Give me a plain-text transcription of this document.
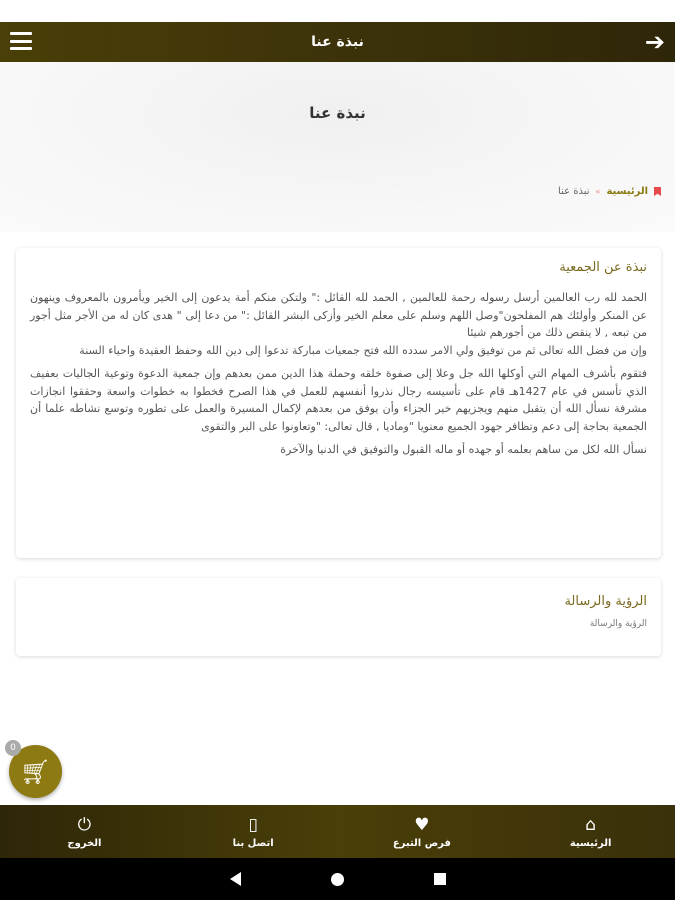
نبذة عنا	➔
نبذة عنا
الرئيسية
»
نبذة عنا
نبذة عن الجمعية

الحمد لله رب العالمين أرسل رسوله رحمة للعالمين , الحمد لله القائل :" ولتكن منكم أمة يدعون إلى الخير ويأمرون بالمعروف وينهون عن المنكر وأولئك هم المفلحون"وصل اللهم وسلم على معلم الخير وأزكى البشر القائل :" من دعا إلى " هدى كان له من الأجر مثل أجور من تبعه , لا ينقص ذلك من أجورهم شيئا

وإن من فضل الله تعالى ثم من توفيق ولي الامر سدده الله فتح جمعيات مباركة تدعوا إلى دين الله وحفظ العقيدة واحياء السنة

فتقوم بأشرف المهام التي أوكلها الله جل وعلا إلى صفوة خلقه وحملة هذا الدين ممن بعدهم وإن جمعية الدعوة وتوعية الجاليات بعفيف الذي تأسس في عام 1427هـ قام على تأسيسه رجال نذروا أنفسهم للعمل في هذا الصرح فخطوا به خطوات واسعة وحققوا انجازات مشرفة نسأل الله أن يتقبل منهم ويجزيهم خير الجزاء وأن يوفق من بعدهم لإكمال المسيرة والعمل على تطوره وتوسع نشاطه علما أن الجمعية بحاجة إلى دعم وتظافر جهود الجميع معنويا "وماديا , قال تعالى: "وتعاونوا على البر والتقوى

نسأل الله لكل من ساهم بعلمه أو جهده أو ماله القبول والتوفيق في الدنيا والآخرة

الرؤية والرسالة
الرؤية والرسالة
🛒︎
0
⌂
الرئيسية
♥
فرص التبرع
▯
اتصل بنا
⏻
الخروج
